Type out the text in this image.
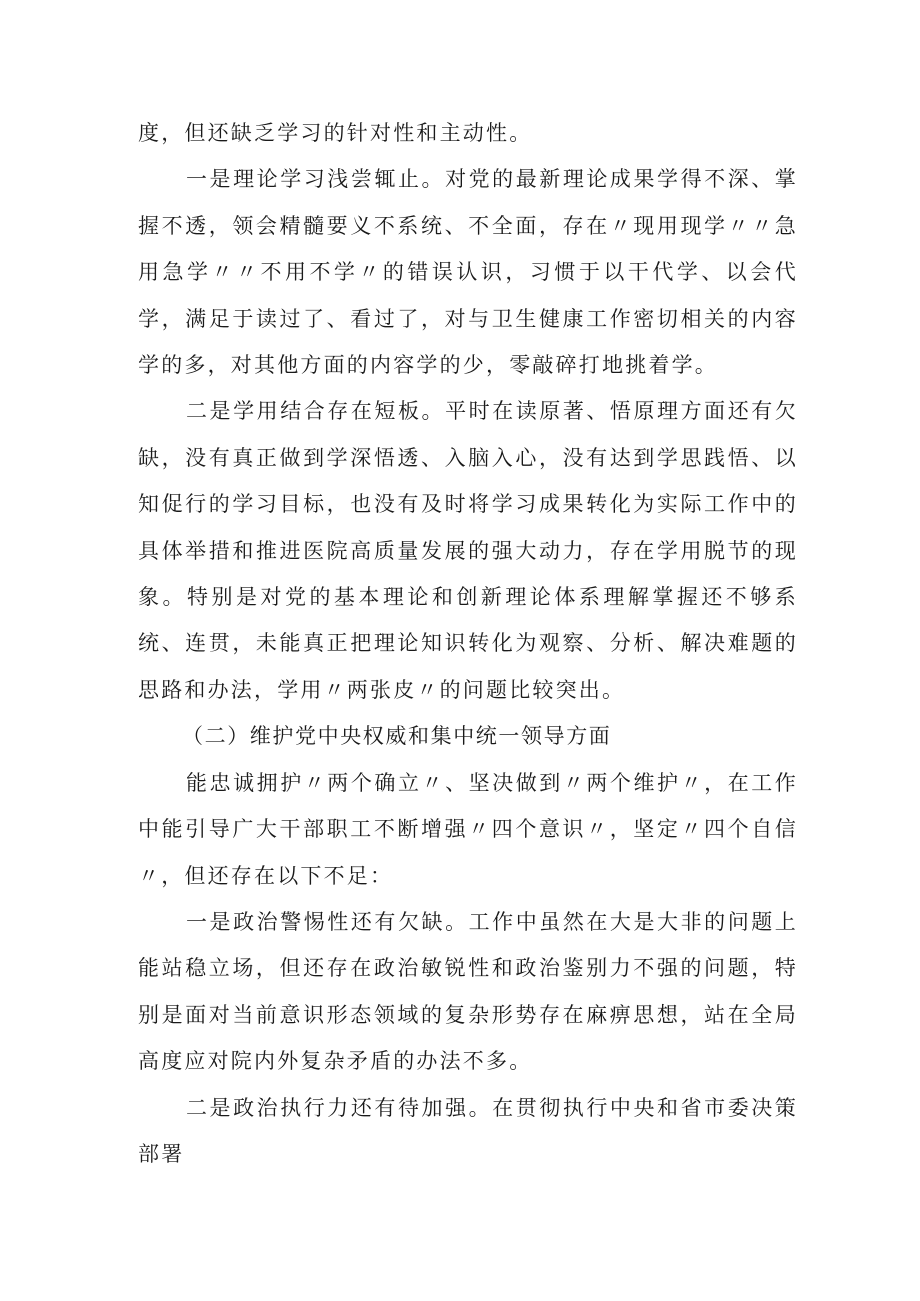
度，但还缺乏学习的针对性和主动性。

一是理论学习浅尝辄止。对党的最新理论成果学得不深、掌握不透，领会精髓要义不系统、不全面，存在〃现用现学〃〃急用急学〃〃不用不学〃的错误认识，习惯于以干代学、以会代学，满足于读过了、看过了，对与卫生健康工作密切相关的内容学的多，对其他方面的内容学的少，零敲碎打地挑着学。

二是学用结合存在短板。平时在读原著、悟原理方面还有欠缺，没有真正做到学深悟透、入脑入心，没有达到学思践悟、以知促行的学习目标，也没有及时将学习成果转化为实际工作中的具体举措和推进医院高质量发展的强大动力，存在学用脱节的现象。特别是对党的基本理论和创新理论体系理解掌握还不够系统、连贯，未能真正把理论知识转化为观察、分析、解决难题的思路和办法，学用〃两张皮〃的问题比较突出。

（二）维护党中央权威和集中统一领导方面

能忠诚拥护〃两个确立〃、坚决做到〃两个维护〃，在工作中能引导广大干部职工不断增强〃四个意识〃，坚定〃四个自信〃，但还存在以下不足：

一是政治警惕性还有欠缺。工作中虽然在大是大非的问题上能站稳立场，但还存在政治敏锐性和政治鉴别力不强的问题，特别是面对当前意识形态领域的复杂形势存在麻痹思想，站在全局高度应对院内外复杂矛盾的办法不多。

二是政治执行力还有待加强。在贯彻执行中央和省市委决策部署
